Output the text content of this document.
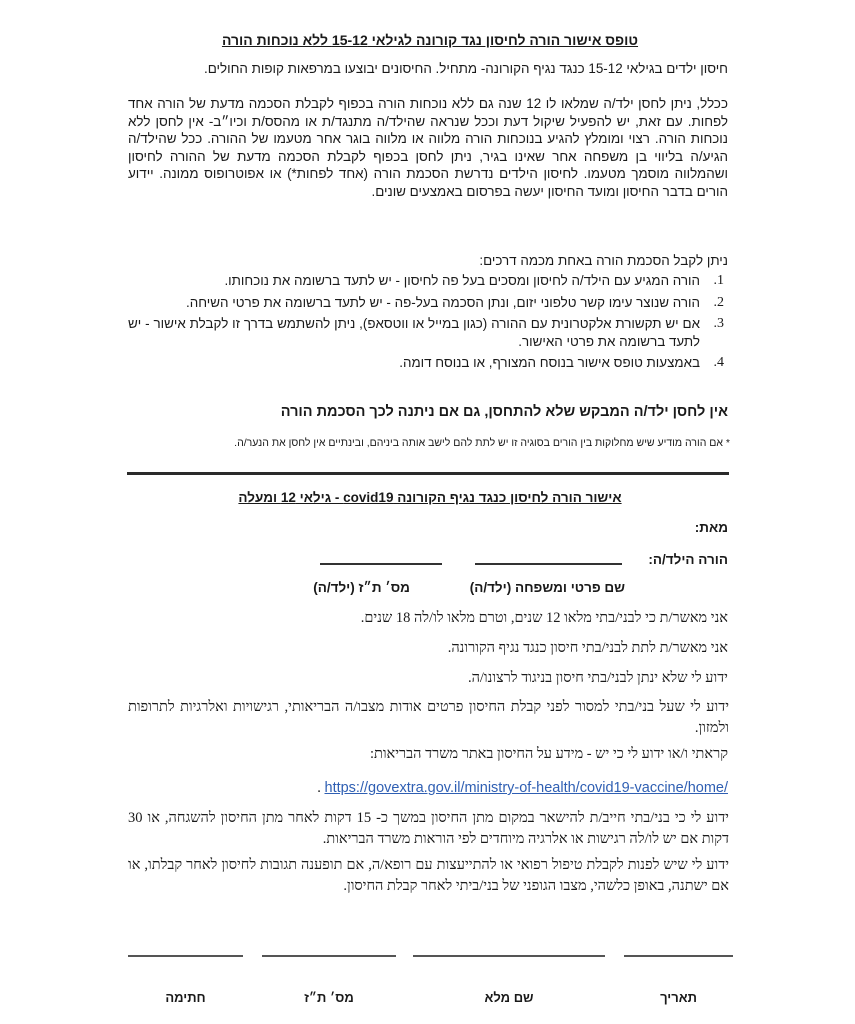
טופס אישור הורה לחיסון נגד קורונה לגילאי 15-12 ללא נוכחות הורה
חיסון ילדים בגילאי 15-12 כנגד נגיף הקורונה- מתחיל. החיסונים יבוצעו במרפאות קופות החולים.
ככלל, ניתן לחסן ילד/ה שמלאו לו 12 שנה גם ללא נוכחות הורה בכפוף לקבלת הסכמה מדעת של הורה אחד לפחות. עם זאת, יש להפעיל שיקול דעת וככל שנראה שהילד/ה מתנגד/ת או מהסס/ת וכיו״ב- אין לחסן ללא נוכחות הורה. רצוי ומומלץ להגיע בנוכחות הורה מלווה או מלווה בוגר אחר מטעמו של ההורה. ככל שהילד/ה הגיע/ה בליווי בן משפחה אחר שאינו בגיר, ניתן לחסן בכפוף לקבלת הסכמה מדעת של ההורה לחיסון ושהמלווה מוסמך מטעמו. לחיסון הילדים נדרשת הסכמת הורה (אחד לפחות*) או אפוטרופוס ממונה. יידוע הורים בדבר החיסון ומועד החיסון יעשה בפרסום באמצעים שונים.
ניתן לקבל הסכמת הורה באחת מכמה דרכים:
1.
הורה המגיע עם הילד/ה לחיסון ומסכים בעל פה לחיסון - יש לתעד ברשומה את נוכחותו.
2.
הורה שנוצר עימו קשר טלפוני יזום, ונתן הסכמה בעל-פה - יש לתעד ברשומה את פרטי השיחה.
3.
אם יש תקשורת אלקטרונית עם ההורה (כגון במייל או ווטסאפ), ניתן להשתמש בדרך זו לקבלת אישור - יש לתעד ברשומה את פרטי האישור.
4.
באמצעות טופס אישור בנוסח המצורף, או בנוסח דומה.
אין לחסן ילד/ה המבקש שלא להתחסן, גם אם ניתנה לכך הסכמת הורה
* אם הורה מודיע שיש מחלוקות בין הורים בסוגיה זו יש לתת להם לישב אותה ביניהם, ובינתיים אין לחסן את הנער/ה.
אישור הורה לחיסון כנגד נגיף הקורונה covid19 - גילאי 12 ומעלה
מאת:
הורה הילד/ה:
שם פרטי ומשפחה (ילד/ה)
מס׳ ת״ז (ילד/ה)
אני מאשר/ת כי לבני/בתי מלאו 12 שנים, וטרם מלאו לו/לה 18 שנים.
אני מאשר/ת לתת לבני/בתי חיסון כנגד נגיף הקורונה.
ידוע לי שלא ינתן לבני/בתי חיסון בניגוד לרצונו/ה.
ידוע לי שעל בני/בתי למסור לפני קבלת החיסון פרטים אודות מצבו/ה הבריאותי, רגישויות ואלרגיות לתרופות ולמזון.
קראתי ו/או ידוע לי כי יש - מידע על החיסון באתר משרד הבריאות:
https://govextra.gov.il/ministry-of-health/covid19-vaccine/home/ .
ידוע לי כי בני/בתי חייב/ת להישאר במקום מתן החיסון במשך כ- 15 דקות לאחר מתן החיסון להשגחה, או 30 דקות אם יש לו/לה רגישות או אלרגיה מיוחדים לפי הוראות משרד הבריאות.
ידוע לי שיש לפנות לקבלת טיפול רפואי או להתייעצות עם רופא/ה, אם תופענה תגובות לחיסון לאחר קבלתו, או אם ישתנה, באופן כלשהי, מצבו הגופני של בני/ביתי לאחר קבלת החיסון.
תאריך
שם מלא
מס׳ ת״ז
חתימה
